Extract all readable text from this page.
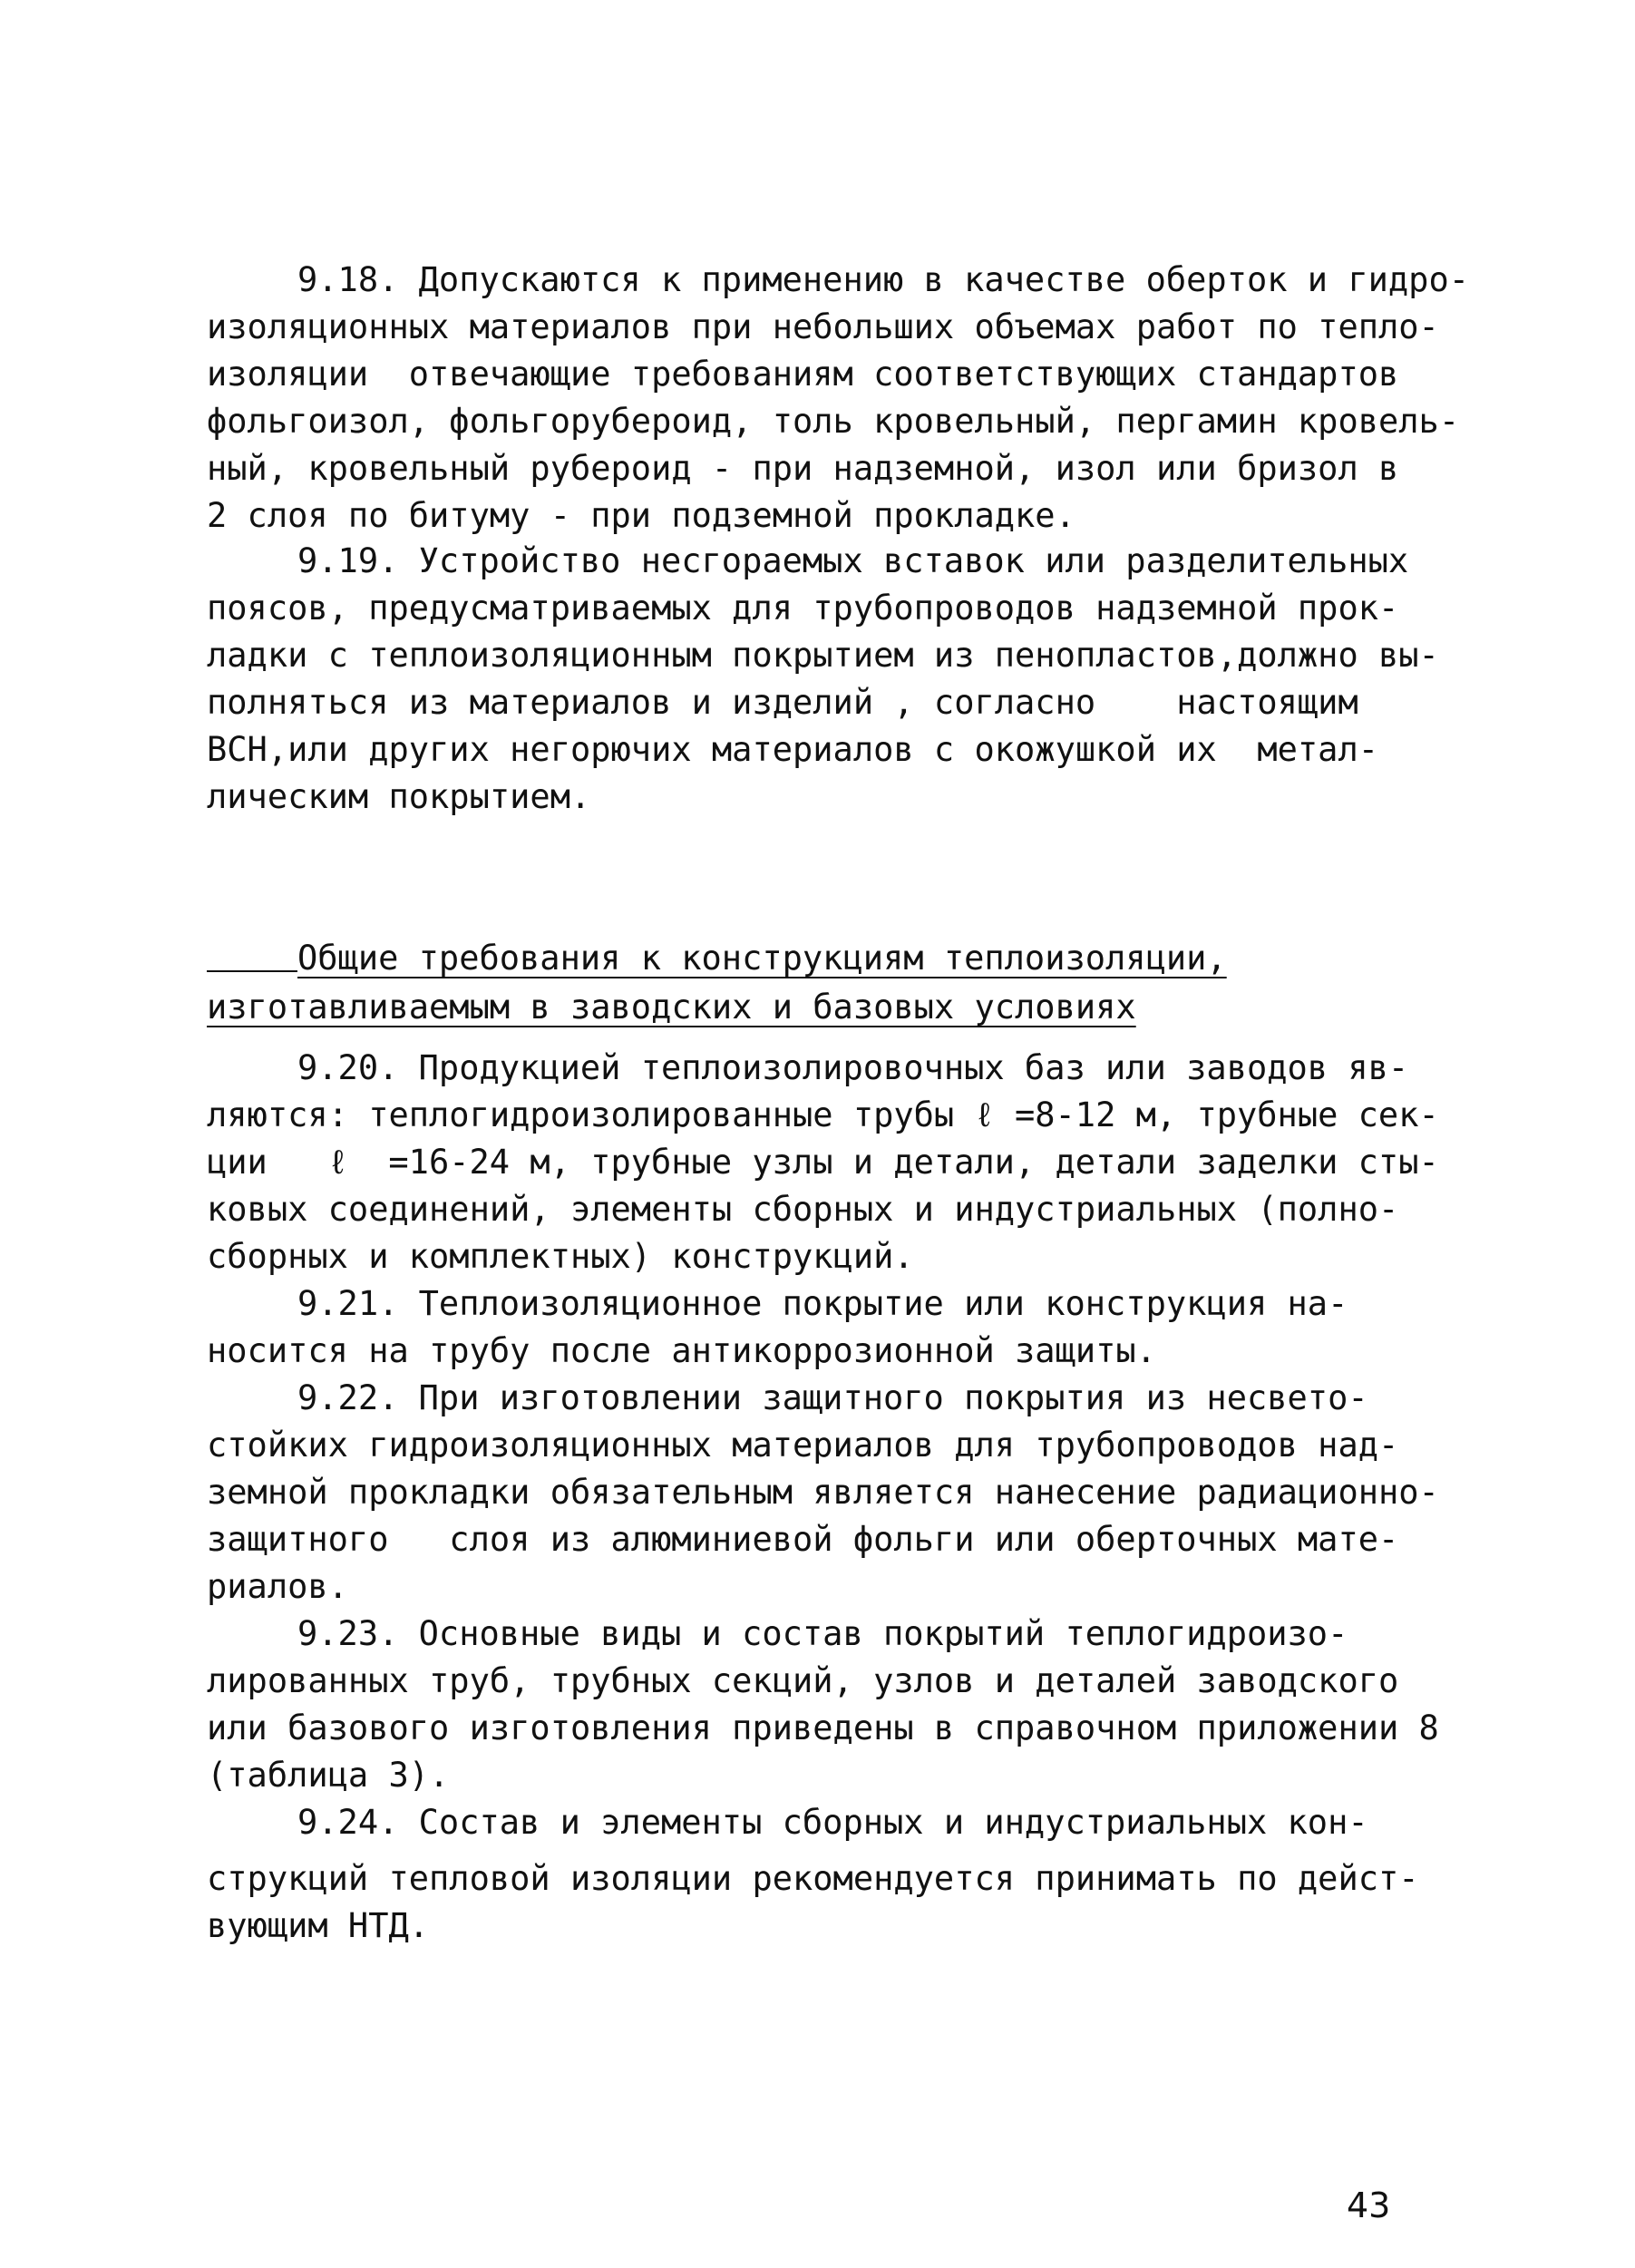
9.18. Допускаются к применению в качестве оберток и гидро-
изоляционных материалов при небольших объемах работ по тепло-
изоляции  отвечающие требованиям соответствующих стандартов
фольгоизол, фольгорубероид, толь кровельный, пергамин кровель-
ный, кровельный рубероид - при надземной, изол или бризол в
2 слоя по битуму - при подземной прокладке.
9.19. Устройство несгораемых вставок или разделительных
поясов, предусматриваемых для трубопроводов надземной прок-
ладки с теплоизоляционным покрытием из пенопластов,должно вы-
полняться из материалов и изделий , согласно    настоящим
ВСН,или других негорючих материалов с окожушкой их  метал-
лическим покрытием.
Общие требования к конструкциям теплоизоляции,
изготавливаемым в заводских и базовых условиях
9.20. Продукцией теплоизолировочных баз или заводов яв-
ляются: теплогидроизолированные трубы ℓ =8-12 м, трубные сек-
ции   ℓ  =16-24 м, трубные узлы и детали, детали заделки сты-
ковых соединений, элементы сборных и индустриальных (полно-
сборных и комплектных) конструкций.
9.21. Теплоизоляционное покрытие или конструкция на-
носится на трубу после антикоррозионной защиты.
9.22. При изготовлении защитного покрытия из несвето-
стойких гидроизоляционных материалов для трубопроводов над-
земной прокладки обязательным является нанесение радиационно-
защитного   слоя из алюминиевой фольги или оберточных мате-
риалов.
9.23. Основные виды и состав покрытий теплогидроизо-
лированных труб, трубных секций, узлов и деталей заводского
или базового изготовления приведены в справочном приложении 8
(таблица 3).
9.24. Состав и элементы сборных и индустриальных кон-
струкций тепловой изоляции рекомендуется принимать по дейст-
вующим НТД.
43
